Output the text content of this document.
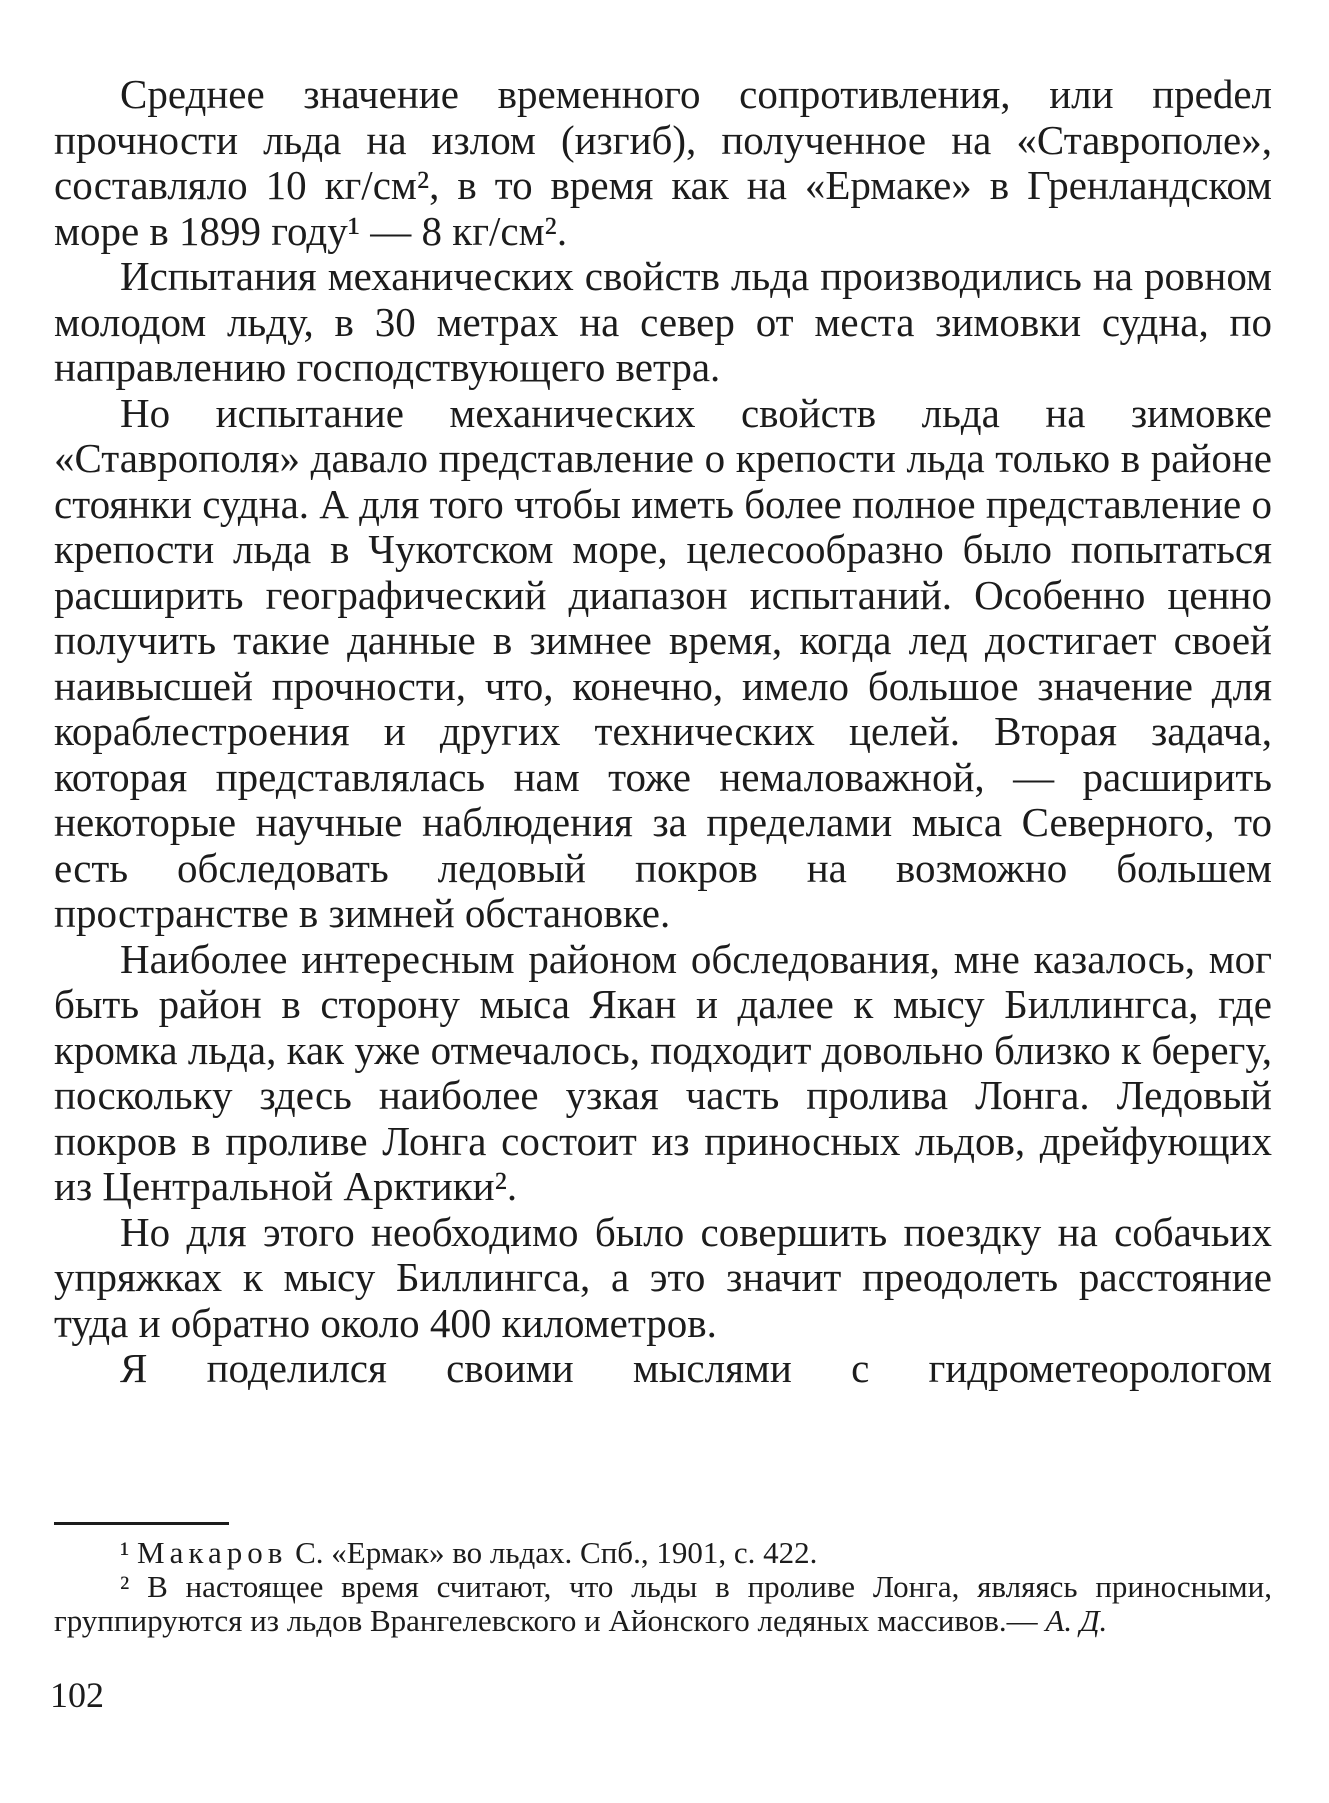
Среднее значение временного сопротивления, или преdел прочности льда на излом (изгиб), полученное на «Ставрополе», составляло 10 кг/см², в то время как на «Ермаке» в Гренландском море в 1899 году¹ — 8 кг/см².

Испытания механических свойств льда производились на ровном молодом льду, в 30 метрах на север от места зимовки судна, по направлению господствующего ветра.

Но испытание механических свойств льда на зимовке «Ставрополя» давало представление о крепости льда только в районе стоянки судна. А для того чтобы иметь более полное представление о крепости льда в Чукотском море, целесообразно было попытаться расширить географический диапазон испытаний. Особенно ценно получить такие данные в зимнее время, когда лед достигает своей наивысшей прочности, что, конечно, имело большое значение для кораблестроения и других технических целей. Вторая задача, которая представлялась нам тоже немаловажной, — расширить некоторые научные наблюдения за пределами мыса Северного, то есть обследовать ледовый покров на возможно большем пространстве в зимней обстановке.

Наиболее интересным районом обследования, мне казалось, мог быть район в сторону мыса Якан и далее к мысу Биллингса, где кромка льда, как уже отмечалось, подходит довольно близко к берегу, поскольку здесь наиболее узкая часть пролива Лонга. Ледовый покров в проливе Лонга состоит из приносных льдов, дрейфующих из Центральной Арктики².

Но для этого необходимо было совершить поездку на собачьих упряжках к мысу Биллингса, а это значит преодолеть расстояние туда и обратно около 400 километров.

Я поделился своими мыслями с гидрометеорологом

¹ Макаров С. «Ермак» во льдах. Спб., 1901, с. 422.

² В настоящее время считают, что льды в проливе Лонга, являясь приносными, группируются из льдов Врангелевского и Айонского ледяных массивов.— А. Д.

102
